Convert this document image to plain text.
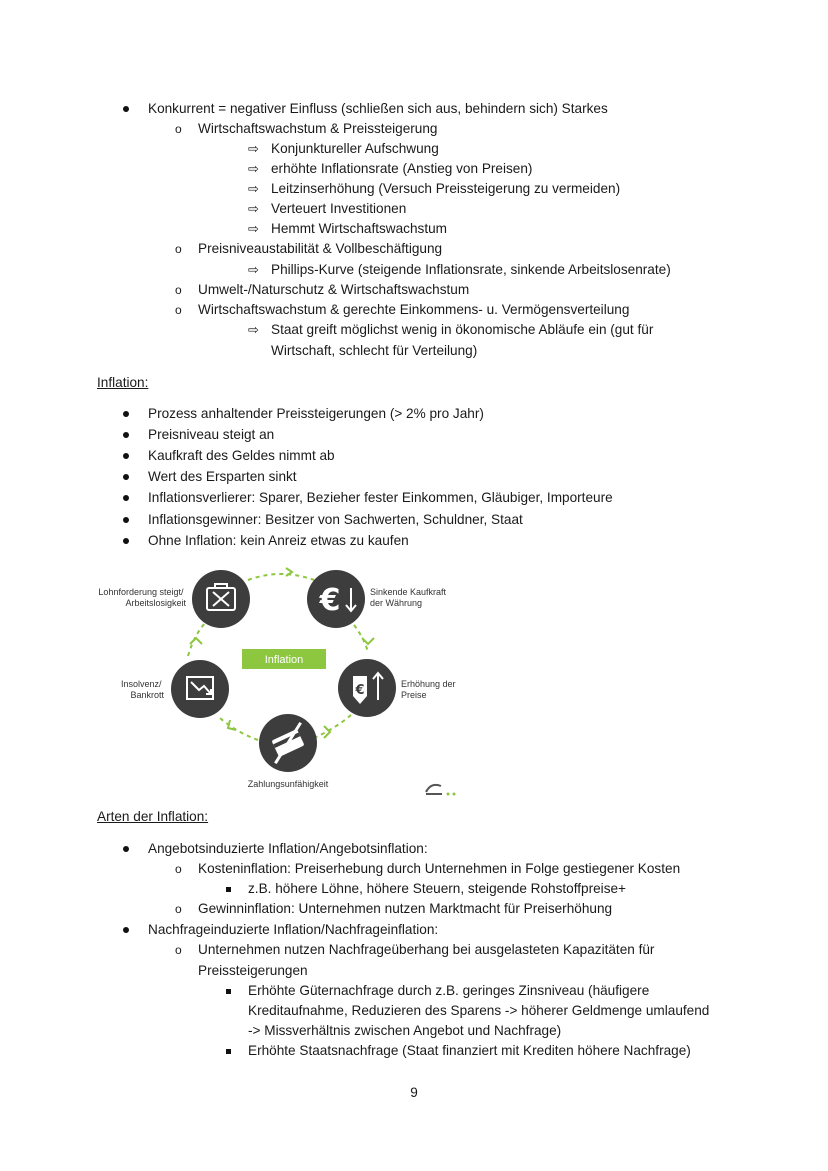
Konkurrent = negativer Einfluss (schließen sich aus, behindern sich) Starkes
o Wirtschaftswachstum & Preissteigerung
⇨ Konjunktureller Aufschwung
⇨ erhöhte Inflationsrate (Anstieg von Preisen)
⇨ Leitzinserhöhung (Versuch Preissteigerung zu vermeiden)
⇨ Verteuert Investitionen
⇨ Hemmt Wirtschaftswachstum
o Preisniveaustabilität & Vollbeschäftigung
⇨ Phillips-Kurve (steigende Inflationsrate, sinkende Arbeitslosenrate)
o Umwelt-/Naturschutz & Wirtschaftswachstum
o Wirtschaftswachstum & gerechte Einkommens- u. Vermögensverteilung
⇨ Staat greift möglichst wenig in ökonomische Abläufe ein (gut für
Wirtschaft, schlecht für Verteilung)
Inflation:
Prozess anhaltender Preissteigerungen (> 2% pro Jahr)
Preisniveau steigt an
Kaufkraft des Geldes nimmt ab
Wert des Ersparten sinkt
Inflationsverlierer: Sparer, Bezieher fester Einkommen, Gläubiger, Importeure
Inflationsgewinner: Besitzer von Sachwerten, Schuldner, Staat
Ohne Inflation: kein Anreiz etwas zu kaufen
Inflation
Lohnforderung steigt/ Arbeitslosigkeit	€	Sinkende Kaufkraft der Währung
€	Erhöhung der Preise
Zahlungsunfähigkeit
Insolvenz/ Bankrott
Arten der Inflation:
Angebotsinduzierte Inflation/Angebotsinflation:
o Kosteninflation: Preiserhebung durch Unternehmen in Folge gestiegener Kosten
z.B. höhere Löhne, höhere Steuern, steigende Rohstoffpreise+
o Gewinninflation: Unternehmen nutzen Marktmacht für Preiserhöhung
Nachfrageinduzierte Inflation/Nachfrageinflation:
o Unternehmen nutzen Nachfrageüberhang bei ausgelasteten Kapazitäten für
Preissteigerungen
Erhöhte Güternachfrage durch z.B. geringes Zinsniveau (häufigere
Kreditaufnahme, Reduzieren des Sparens -> höherer Geldmenge umlaufend
-> Missverhältnis zwischen Angebot und Nachfrage)
Erhöhte Staatsnachfrage (Staat finanziert mit Krediten höhere Nachfrage)
9
